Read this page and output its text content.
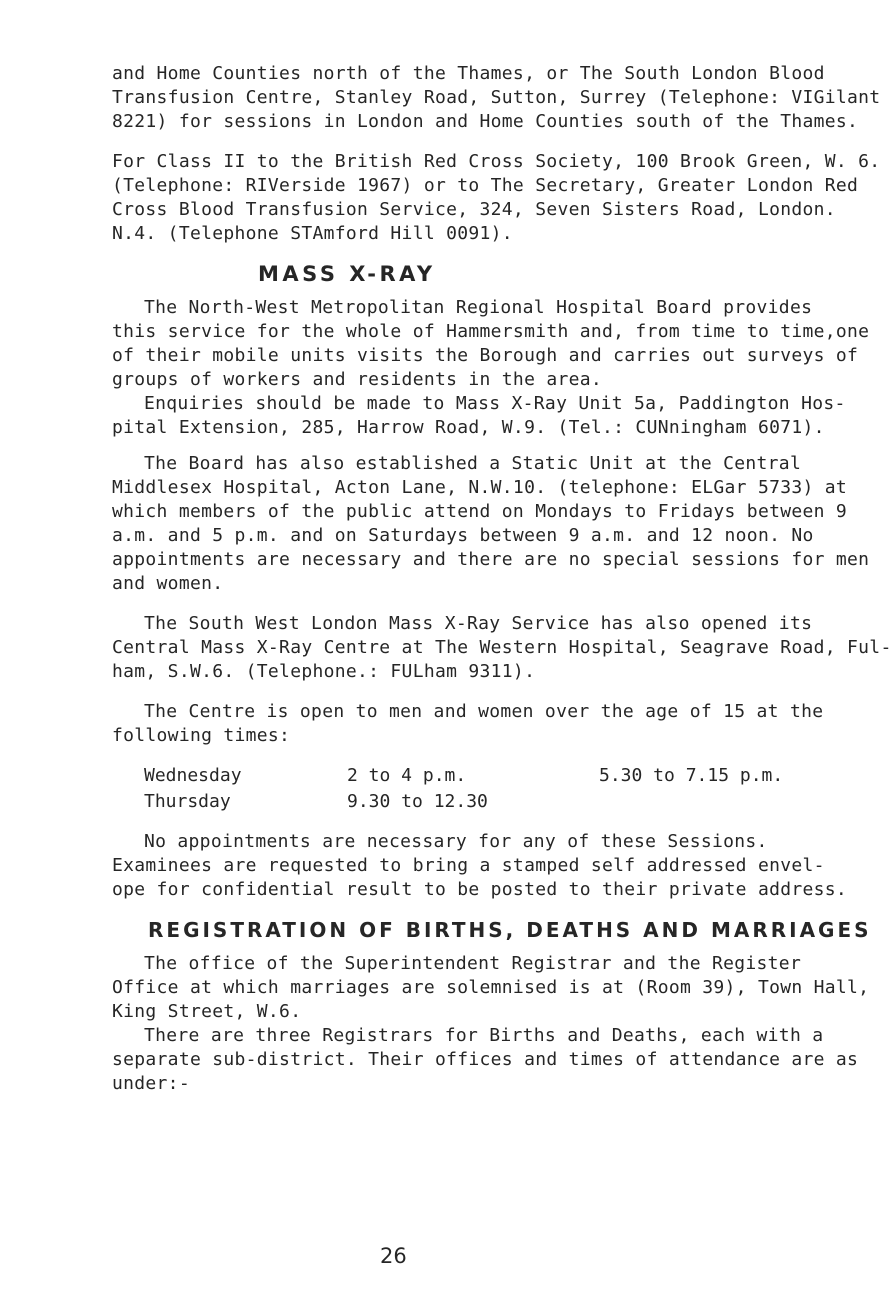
and Home Counties north of the Thames, or The South London Blood
Transfusion Centre, Stanley Road, Sutton, Surrey (Telephone: VIGilant
8221) for sessions in London and Home Counties south of the Thames.

For Class II to the British Red Cross Society, 100 Brook Green, W. 6.
(Telephone: RIVerside 1967) or to The Secretary, Greater London Red
Cross Blood Transfusion Service, 324, Seven Sisters Road, London.
N.4. (Telephone STAmford Hill 0091).

MASS X-RAY

The North-West Metropolitan Regional Hospital Board provides
this service for the whole of Hammersmith and, from time to time,one
of their mobile units visits the Borough and carries out surveys of
groups of workers and residents in the area.
Enquiries should be made to Mass X-Ray Unit 5a, Paddington Hos-
pital Extension, 285, Harrow Road, W.9. (Tel.: CUNningham 6071).

The Board has also established a Static Unit at the Central
Middlesex Hospital, Acton Lane, N.W.10. (telephone: ELGar 5733) at
which members of the public attend on Mondays to Fridays between 9
a.m. and 5 p.m. and on Saturdays between 9 a.m. and 12 noon. No
appointments are necessary and there are no special sessions for men
and women.

The South West London Mass X-Ray Service has also opened its
Central Mass X-Ray Centre at The Western Hospital, Seagrave Road, Ful-
ham, S.W.6. (Telephone.: FULham 9311).

The Centre is open to men and women over the age of 15 at the
following times:

Wednesday	2 to 4 p.m.	5.30 to 7.15 p.m.
Thursday	9.30 to 12.30

No appointments are necessary for any of these Sessions.
Examinees are requested to bring a stamped self addressed envel-
ope for confidential result to be posted to their private address.

26
REGISTRATION OF BIRTHS, DEATHS AND MARRIAGES

The office of the Superintendent Registrar and the Register
Office at which marriages are solemnised is at (Room 39), Town Hall,
King Street, W.6.
There are three Registrars for Births and Deaths, each with a
separate sub-district. Their offices and times of attendance are as
under:-
